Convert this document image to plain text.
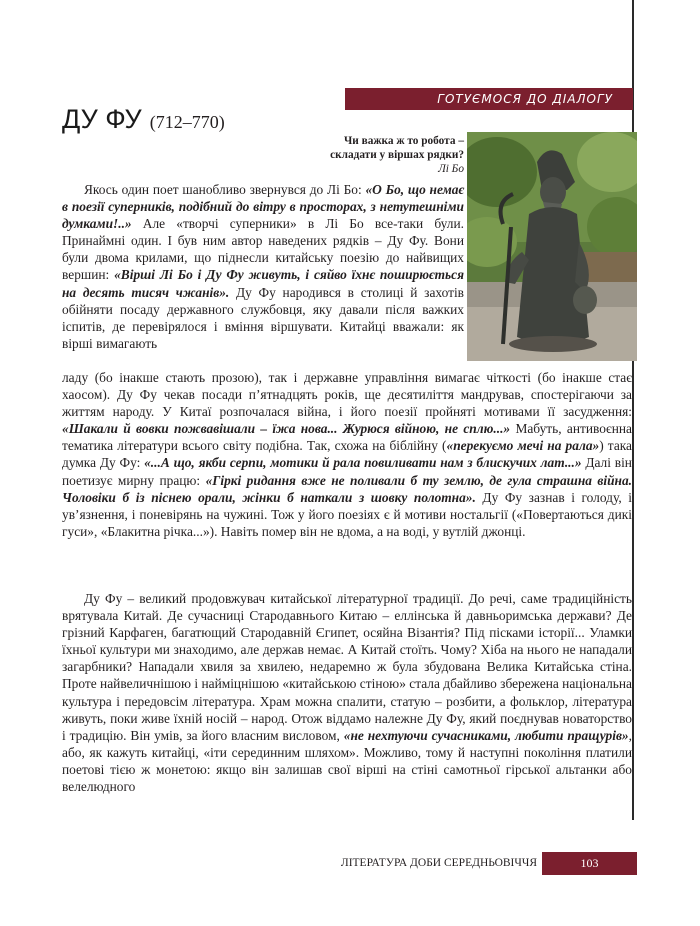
ГОТУЄМОСЯ ДО ДІАЛОГУ
ДУ ФУ (712–770)
Чи важка ж то робота –
складати у віршах рядки?
Лі Бо

Якось один поет шанобливо звернувся до Лі Бо: «О Бо, що немає в поезії суперників, подібний до вітру в просторах, з нетутешніми думками!..» Але «творчі суперники» в Лі Бо все-таки були. Принаймні один. І був ним автор наведених рядків – Ду Фу. Вони були двома крилами, що піднесли китайську поезію до найвищих вершин: «Вірші Лі Бо і Ду Фу живуть, і сяйво їхнє поширюється на десять тисяч чжанів». Ду Фу народився в столиці й захотів обійняти посаду державного службовця, яку давали після важких іспитів, де перевірялося і вміння віршувати. Китайці вважали: як вірші вимагають

ладу (бо інакше стають прозою), так і державне управління вимагає чіткості (бо інакше стає хаосом). Ду Фу чекав посади п’ятнадцять років, ще десятиліття мандрував, спостерігаючи за життям народу. У Китаї розпочалася війна, і його поезії пройняті мотивами її засудження: «Шакали й вовки пожвавішали – їжа нова... Журюся війною, не сплю...» Мабуть, антивоєнна тематика літератури всього світу подібна. Так, схожа на біблійну («перекуємо мечі на рала») така думка Ду Фу: «...А що, якби серпи, мотики й рала повиливати нам з блискучих лат...» Далі він поетизує мирну працю: «Гіркі ридання вже не поливали б ту землю, де гула страшна війна. Чоловіки б із піснею орали, жінки б наткали з шовку полотна». Ду Фу зазнав і голоду, і ув’язнення, і поневірянь на чужині. Тож у його поезіях є й мотиви ностальгії («Повертаються дикі гуси», «Блакитна річка...»). Навіть помер він не вдома, а на воді, у вутлій джонці.

Ду Фу – великий продовжувач китайської літературної традиції. До речі, саме традиційність врятувала Китай. Де сучасниці Стародавнього Китаю – еллінська й давньоримська держави? Де грізний Карфаген, багатющий Стародавній Єгипет, осяйна Візантія? Під пісками історії... Уламки їхньої культури ми знаходимо, але держав немає. А Китай стоїть. Чому? Хіба на нього не нападали загарбники? Нападали хвиля за хвилею, недаремно ж була збудована Велика Китайська стіна. Проте найвеличнішою і наймiцнішою «китайською стіною» стала дбайливо збережена національна культура і передовсім література. Храм можна спалити, статую – розбити, а фольклор, література живуть, поки живе їхній носій – народ. Отож віддамо належне Ду Фу, який поєднував новаторство і традицію. Він умів, за його власним висловом, «не нехтуючи сучасниками, любити пращурів», або, як кажуть китайці, «іти серединним шляхом». Можливо, тому й наступні покоління платили поетові тією ж монетою: якщо він залишав свої вірші на стіні самотньої гірської альтанки або велелюдного

ЛІТЕРАТУРА ДОБИ СЕРЕДНЬОВІЧЧЯ	103
